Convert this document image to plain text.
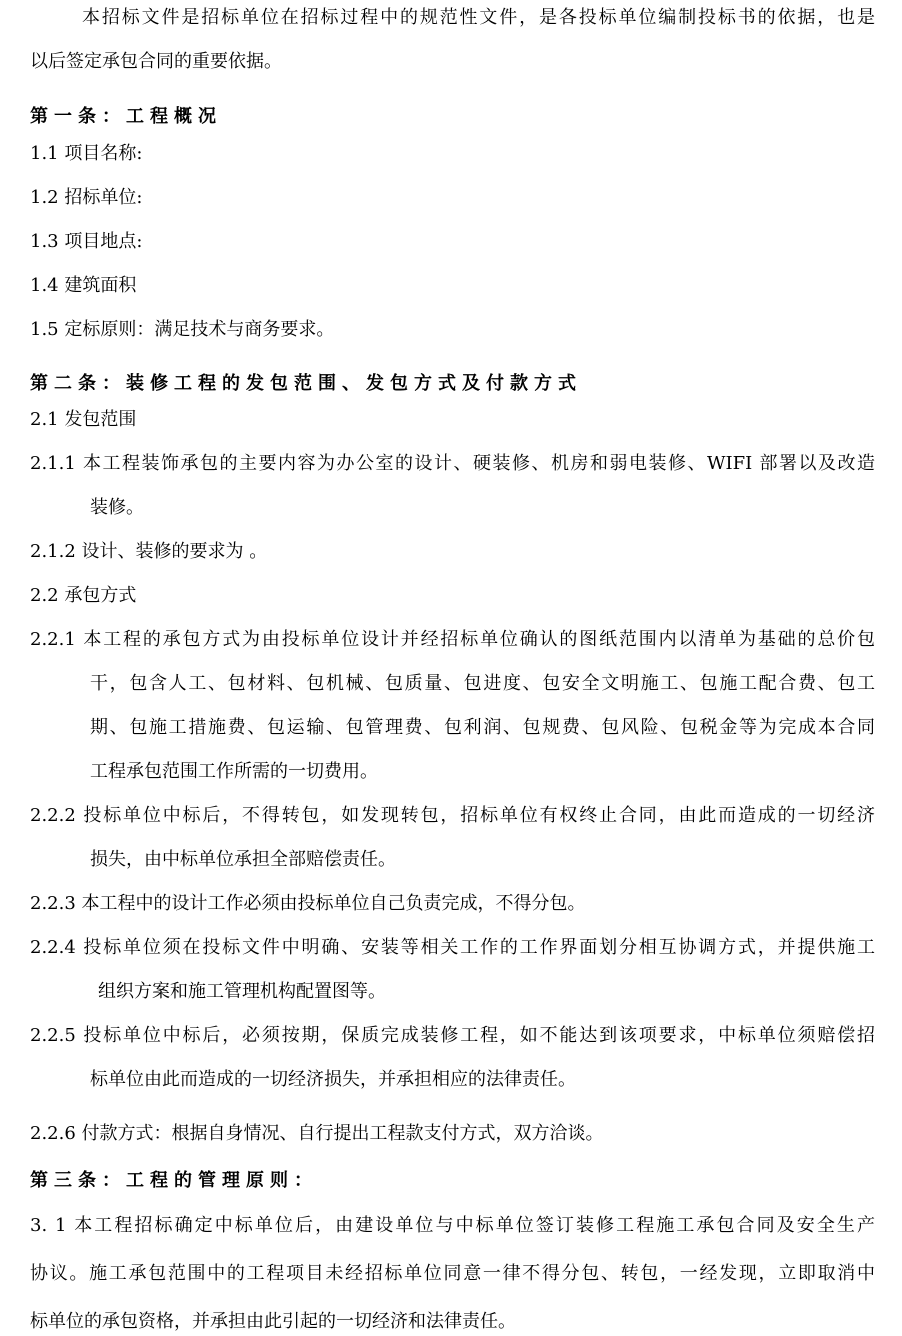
本招标文件是招标单位在招标过程中的规范性文件，是各投标单位编制投标书的依据，也是
以后签定承包合同的重要依据。
第一条：工程概况
1.1 项目名称:
1.2 招标单位:
1.3 项目地点:
1.4 建筑面积
1.5 定标原则：满足技术与商务要求。
第二条：装修工程的发包范围、发包方式及付款方式
2.1 发包范围
2.1.1 本工程装饰承包的主要内容为办公室的设计、硬装修、机房和弱电装修、WIFI 部署以及改造
装修。
2.1.2 设计、装修的要求为 。
2.2 承包方式
2.2.1 本工程的承包方式为由投标单位设计并经招标单位确认的图纸范围内以清单为基础的总价包
干，包含人工、包材料、包机械、包质量、包进度、包安全文明施工、包施工配合费、包工
期、包施工措施费、包运输、包管理费、包利润、包规费、包风险、包税金等为完成本合同
工程承包范围工作所需的一切费用。
2.2.2 投标单位中标后，不得转包，如发现转包，招标单位有权终止合同，由此而造成的一切经济
损失，由中标单位承担全部赔偿责任。
2.2.3 本工程中的设计工作必须由投标单位自己负责完成，不得分包。
2.2.4 投标单位须在投标文件中明确、安装等相关工作的工作界面划分相互协调方式，并提供施工
组织方案和施工管理机构配置图等。
2.2.5 投标单位中标后，必须按期，保质完成装修工程，如不能达到该项要求，中标单位须赔偿招
标单位由此而造成的一切经济损失，并承担相应的法律责任。
2.2.6 付款方式：根据自身情况、自行提出工程款支付方式，双方洽谈。
第三条：工程的管理原则：
3. 1 本工程招标确定中标单位后，由建设单位与中标单位签订装修工程施工承包合同及安全生产
协议。施工承包范围中的工程项目未经招标单位同意一律不得分包、转包，一经发现，立即取消中
标单位的承包资格，并承担由此引起的一切经济和法律责任。
